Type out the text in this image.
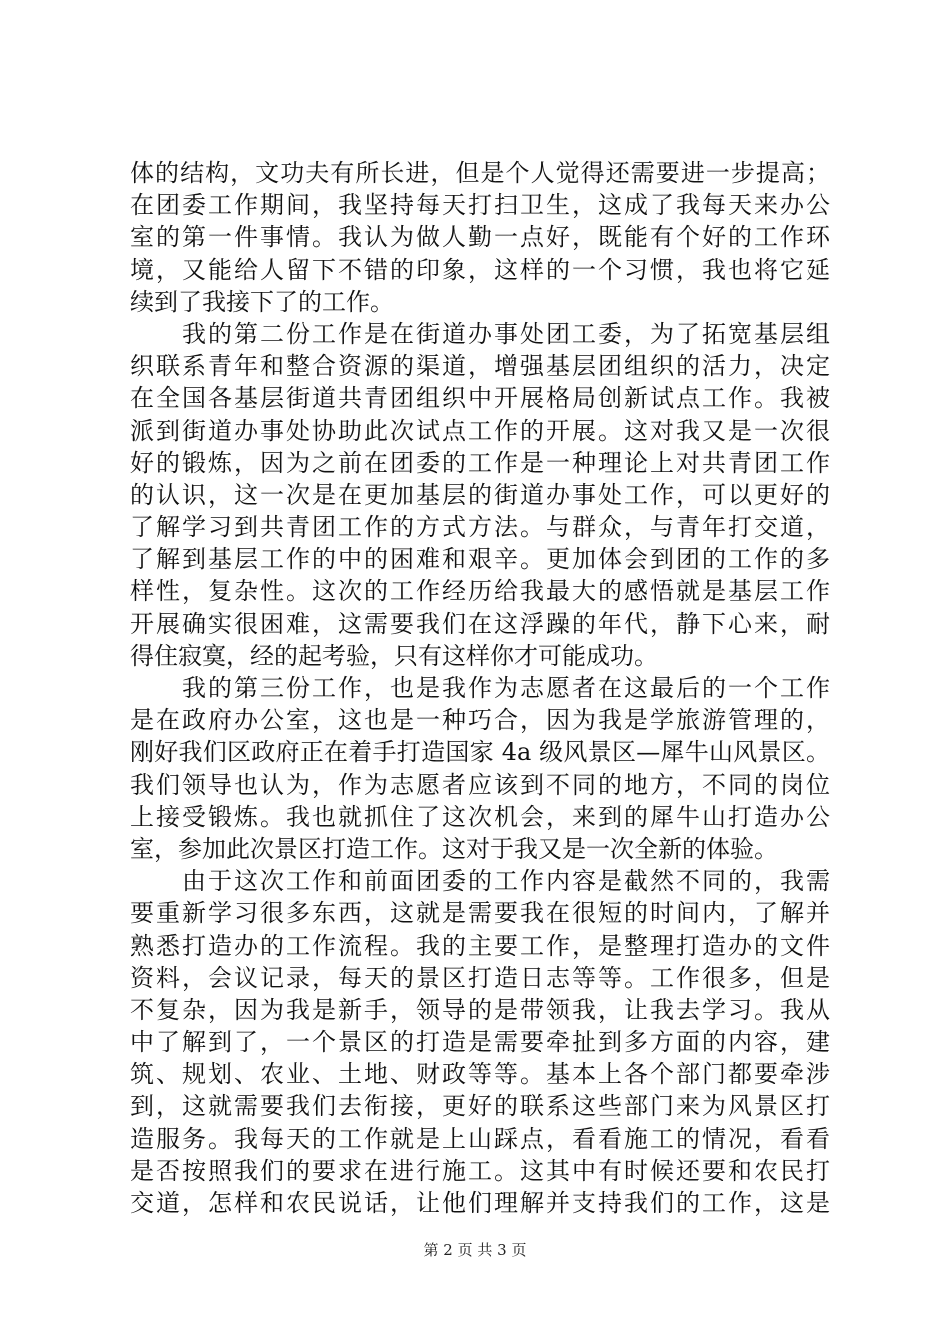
体的结构，文功夫有所长进，但是个人觉得还需要进一步提高；
在团委工作期间，我坚持每天打扫卫生，这成了我每天来办公
室的第一件事情。我认为做人勤一点好，既能有个好的工作环
境，又能给人留下不错的印象，这样的一个习惯，我也将它延
续到了我接下了的工作。
　　我的第二份工作是在街道办事处团工委，为了拓宽基层组
织联系青年和整合资源的渠道，增强基层团组织的活力，决定
在全国各基层街道共青团组织中开展格局创新试点工作。我被
派到街道办事处协助此次试点工作的开展。这对我又是一次很
好的锻炼，因为之前在团委的工作是一种理论上对共青团工作
的认识，这一次是在更加基层的街道办事处工作，可以更好的
了解学习到共青团工作的方式方法。与群众，与青年打交道，
了解到基层工作的中的困难和艰辛。更加体会到团的工作的多
样性，复杂性。这次的工作经历给我最大的感悟就是基层工作
开展确实很困难，这需要我们在这浮躁的年代，静下心来，耐
得住寂寞，经的起考验，只有这样你才可能成功。
　　我的第三份工作，也是我作为志愿者在这最后的一个工作
是在政府办公室，这也是一种巧合，因为我是学旅游管理的，
刚好我们区政府正在着手打造国家 4a 级风景区—犀牛山风景区。
我们领导也认为，作为志愿者应该到不同的地方，不同的岗位
上接受锻炼。我也就抓住了这次机会，来到的犀牛山打造办公
室，参加此次景区打造工作。这对于我又是一次全新的体验。
　　由于这次工作和前面团委的工作内容是截然不同的，我需
要重新学习很多东西，这就是需要我在很短的时间内，了解并
熟悉打造办的工作流程。我的主要工作，是整理打造办的文件
资料，会议记录，每天的景区打造日志等等。工作很多，但是
不复杂，因为我是新手，领导的是带领我，让我去学习。我从
中了解到了，一个景区的打造是需要牵扯到多方面的内容，建
筑、规划、农业、土地、财政等等。基本上各个部门都要牵涉
到，这就需要我们去衔接，更好的联系这些部门来为风景区打
造服务。我每天的工作就是上山踩点，看看施工的情况，看看
是否按照我们的要求在进行施工。这其中有时候还要和农民打
交道，怎样和农民说话，让他们理解并支持我们的工作，这是
第 2 页 共 3 页
